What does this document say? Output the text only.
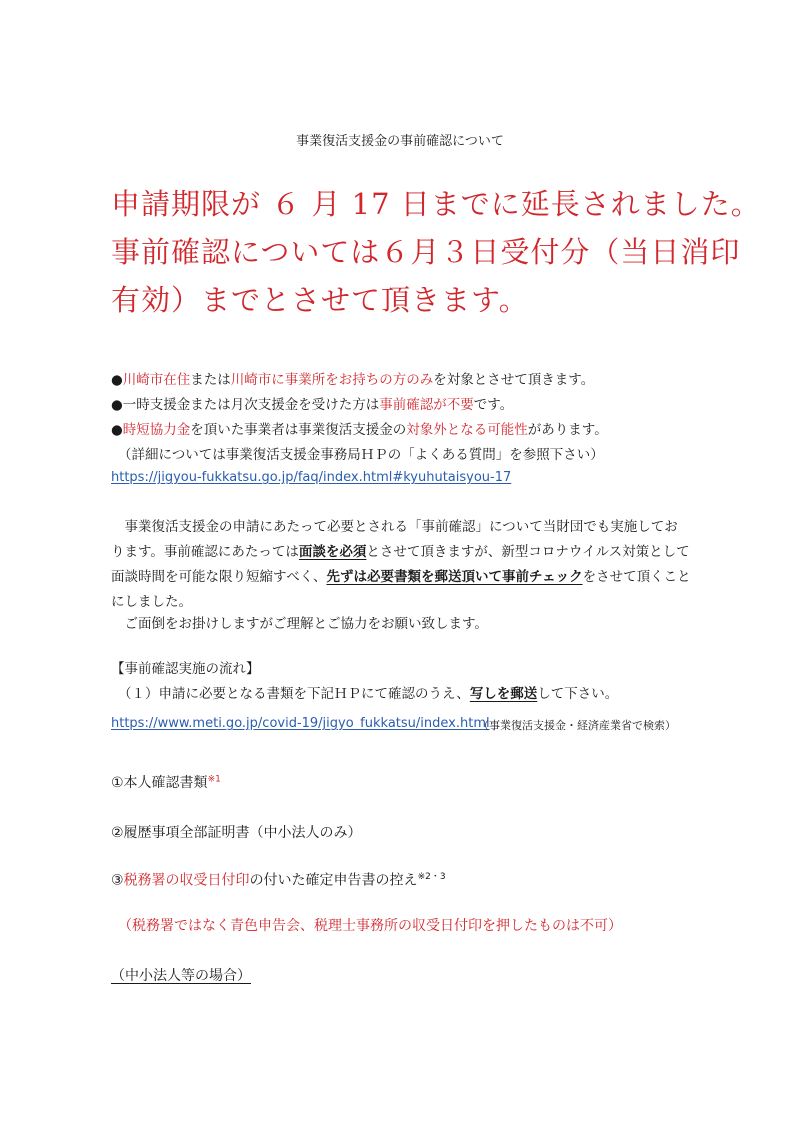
事業復活支援金の事前確認について
申請期限が ６ 月 17 日までに延長されました。
事前確認については６月３日受付分（当日消印
有効）までとさせて頂きます。
●川崎市在住または川崎市に事業所をお持ちの方のみを対象とさせて頂きます。
●一時支援金または月次支援金を受けた方は事前確認が不要です。
●時短協力金を頂いた事業者は事業復活支援金の対象外となる可能性があります。
（詳細については事業復活支援金事務局ＨＰの「よくある質問」を参照下さい）
https://jigyou-fukkatsu.go.jp/faq/index.html#kyuhutaisyou-17
　事業復活支援金の申請にあたって必要とされる「事前確認」について当財団でも実施しております。事前確認にあたっては面談を必須とさせて頂きますが、新型コロナウイルス対策として面談時間を可能な限り短縮すべく、先ずは必要書類を郵送頂いて事前チェックをさせて頂くことにしました。
　ご面倒をお掛けしますがご理解とご協力をお願い致します。
【事前確認実施の流れ】
（１）申請に必要となる書類を下記ＨＰにて確認のうえ、写しを郵送して下さい。
https://www.meti.go.jp/covid-19/jigyo_fukkatsu/index.html
（事業復活支援金・経済産業省で検索）
①本人確認書類$^{※1}$
②履歴事項全部証明書（中小法人のみ）
③税務署の収受日付印の付いた確定申告書の控え$^{※2・3}$
（税務署ではなく青色申告会、税理士事務所の収受日付印を押したものは不可）
（中小法人等の場合）
